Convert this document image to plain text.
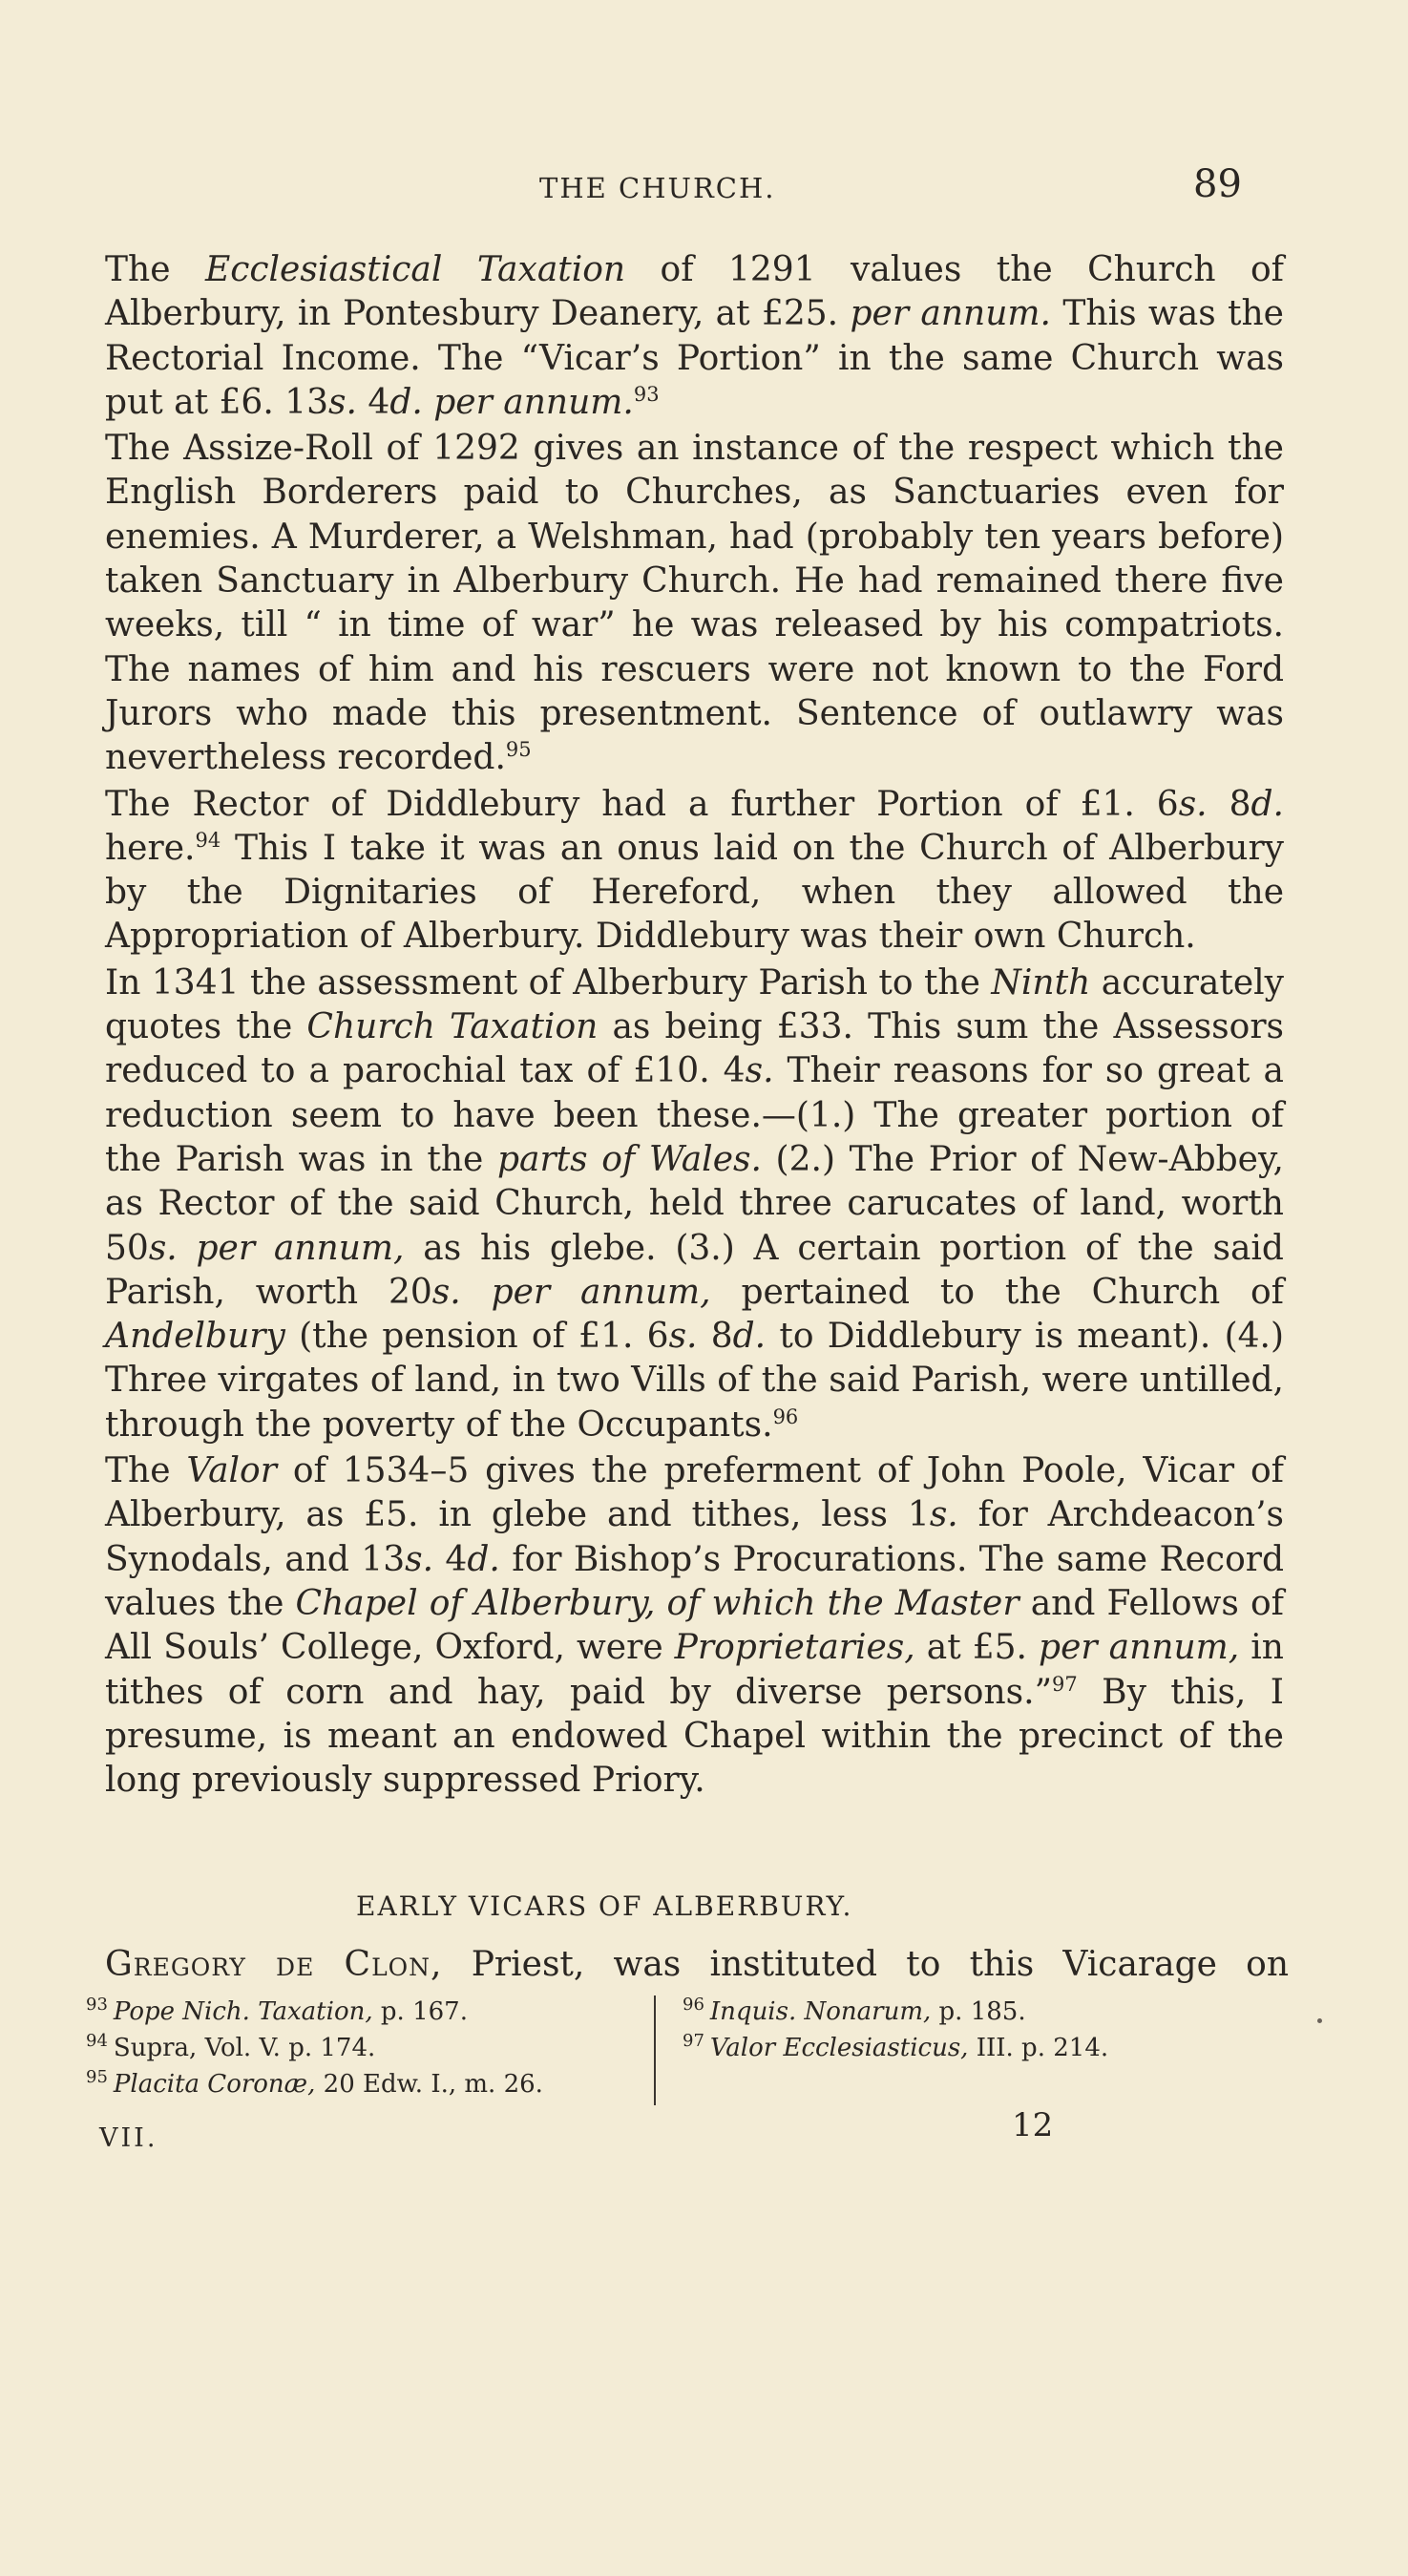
THE CHURCH.	89

The Ecclesiastical Taxation of 1291 values the Church of Alberbury, in Pontesbury Deanery, at £25. per annum. This was the Rectorial Income. The “Vicar’s Portion” in the same Church was put at £6. 13s. 4d. per annum.$^{93}$

The Assize-Roll of 1292 gives an instance of the respect which the English Borderers paid to Churches, as Sanctuaries even for enemies. A Murderer, a Welshman, had (probably ten years before) taken Sanctuary in Alberbury Church. He had remained there five weeks, till “ in time of war” he was released by his compatriots. The names of him and his rescuers were not known to the Ford Jurors who made this presentment. Sentence of outlawry was nevertheless recorded.$^{95}$

The Rector of Diddlebury had a further Portion of £1. 6s. 8d. here.$^{94}$ This I take it was an onus laid on the Church of Alberbury by the Dignitaries of Hereford, when they allowed the Appropriation of Alberbury. Diddlebury was their own Church.

In 1341 the assessment of Alberbury Parish to the Ninth accurately quotes the Church Taxation as being £33. This sum the Assessors reduced to a parochial tax of £10. 4s. Their reasons for so great a reduction seem to have been these.—(1.) The greater portion of the Parish was in the parts of Wales. (2.) The Prior of New-Abbey, as Rector of the said Church, held three carucates of land, worth 50s. per annum, as his glebe. (3.) A certain portion of the said Parish, worth 20s. per annum, pertained to the Church of Andelbury (the pension of £1. 6s. 8d. to Diddlebury is meant). (4.) Three virgates of land, in two Vills of the said Parish, were untilled, through the poverty of the Occupants.$^{96}$

The Valor of 1534–5 gives the preferment of John Poole, Vicar of Alberbury, as £5. in glebe and tithes, less 1s. for Archdeacon’s Synodals, and 13s. 4d. for Bishop’s Procurations. The same Record values the Chapel of Alberbury, of which the Master and Fellows of All Souls’ College, Oxford, were Proprietaries, at £5. per annum, in tithes of corn and hay, paid by diverse persons.”$^{97}$ By this, I presume, is meant an endowed Chapel within the precinct of the long previously suppressed Priory.

EARLY VICARS OF ALBERBURY.
Gregory de Clon, Priest, was instituted to this Vicarage on
$^{93}$ Pope Nich. Taxation, p. 167.
$^{94}$ Supra, Vol. V. p. 174.
$^{95}$ Placita Coronæ, 20 Edw. I., m. 26.
$^{96}$ Inquis. Nonarum, p. 185.
$^{97}$ Valor Ecclesiasticus, III. p. 214.
VII.	12
